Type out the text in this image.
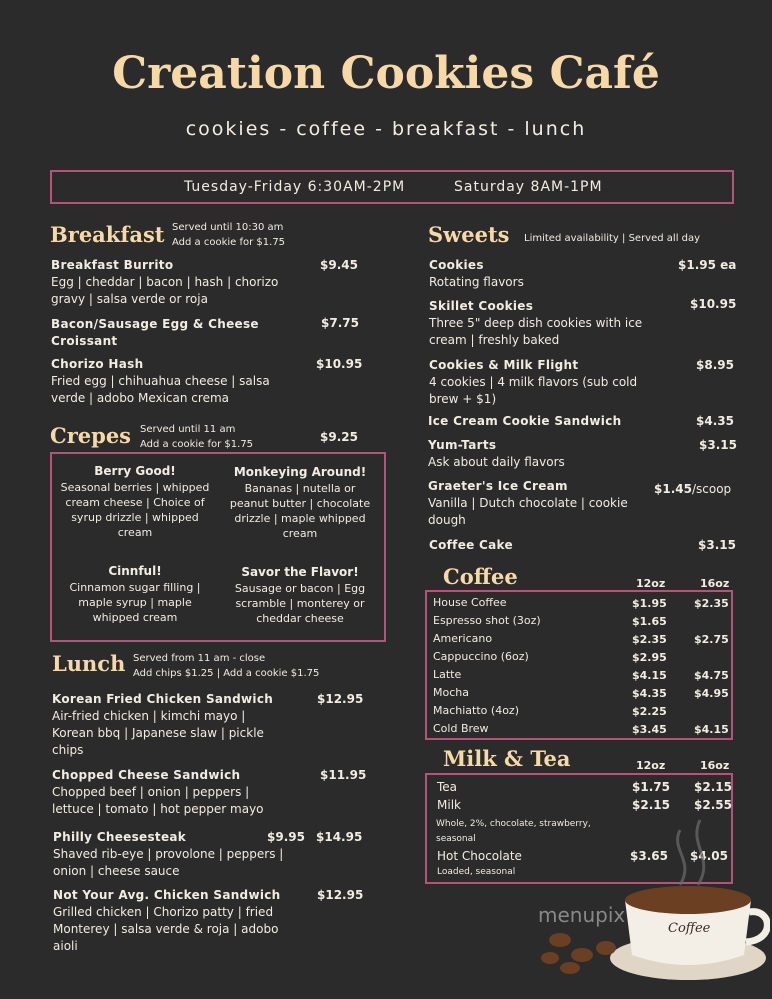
Creation Cookies Café
cookies - coffee - breakfast - lunch
Tuesday-Friday 6:30AM-2PM	Saturday 8AM-1PM
Breakfast Served until 10:30 am
Add a cookie for $1.75
Breakfast Burrito	$9.45
Egg | cheddar | bacon | hash | chorizo
gravy | salsa verde or roja
Bacon/Sausage Egg & Cheese
Croissant
$7.75
Chorizo Hash	$10.95
Fried egg | chihuahua cheese | salsa
verde | adobo Mexican crema
Crepes Served until 11 am
Add a cookie for $1.75
$9.25
Berry Good!
Seasonal berries | whipped
cream cheese | Choice of
syrup drizzle | whipped
cream
Monkeying Around!
Bananas | nutella or
peanut butter | chocolate
drizzle | maple whipped
cream
Cinnful!
Cinnamon sugar filling |
maple syrup | maple
whipped cream
Savor the Flavor!
Sausage or bacon | Egg
scramble | monterey or
cheddar cheese
Lunch Served from 11 am - close
Add chips $1.25 | Add a cookie $1.75
Korean Fried Chicken Sandwich	$12.95
Air-fried chicken | kimchi mayo |
Korean bbq | Japanese slaw | pickle
chips
Chopped Cheese Sandwich	$11.95
Chopped beef | onion | peppers |
lettuce | tomato | hot pepper mayo
Philly Cheesesteak	$9.95 $14.95
Shaved rib-eye | provolone | peppers |
onion | cheese sauce
Not Your Avg. Chicken Sandwich	$12.95
Grilled chicken | Chorizo patty | fried
Monterey | salsa verde & roja | adobo
aioli
Sweets Limited availability | Served all day
Cookies	$1.95 ea
Rotating flavors
Skillet Cookies	$10.95
Three 5" deep dish cookies with ice
cream | freshly baked
Cookies & Milk Flight	$8.95
4 cookies | 4 milk flavors (sub cold
brew + $1)
Ice Cream Cookie Sandwich	$4.35
Yum-Tarts	$3.15
Ask about daily flavors
Graeter's Ice Cream	$1.45/scoop
Vanilla | Dutch chocolate | cookie
dough
Coffee Cake	$3.15
Coffee	12oz	16oz
House Coffee	$1.95 $2.35
Espresso shot (3oz)	$1.65
Americano	$2.35 $2.75
Cappuccino (6oz)	$2.95
Latte	$4.15 $4.75
Mocha	$4.35 $4.95
Machiatto (4oz)	$2.25
Cold Brew	$3.45 $4.15
Milk & Tea	12oz	16oz
Tea	$1.75 $2.15
Milk	$2.15 $2.55
Whole, 2%, chocolate, strawberry,
seasonal
Hot Chocolate	$3.65 $4.05
Loaded, seasonal
Coffee
menupix
